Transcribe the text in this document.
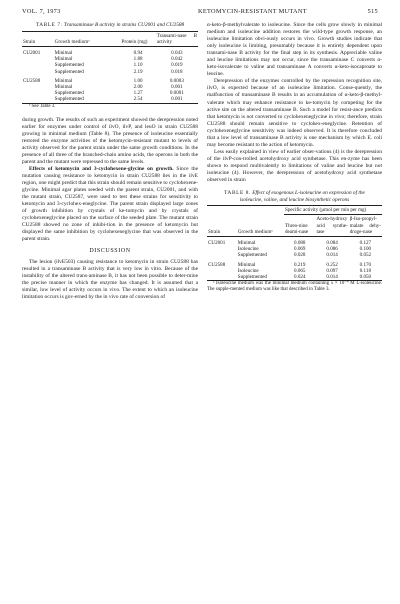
VOL. 7, 1973	KETOMYCIN-RESISTANT MUTANT	515
TABLE 7. Transaminase B activity in strains CU2001 and CU2588
Strain	Growth mediumᵃ	Protein (mg)	Transami-nase B activity
CU2001	Minimal	0.94	0.043
	Minimal	1.88	0.042
	Supplemented	1.10	0.019
	Supplemented	2.19	0.018
CU2588	Minimal	1.00	0.0003
	Minimal	2.00	0.001
	Supplemented	1.27	0.0001
	Supplemented	2.54	0.001

ᵃ See Table 3.

during growth. The results of such an experiment showed the derepression noted earlier for enzymes under control of ilvO, ilvP, and leuO in strain CU2588 growing in minimal medium (Table 8). The presence of isoleucine essentially restored the enzyme activities of the ketomycin-resistant mutant to levels of activity observed for the parent strain under the same growth conditions. In the presence of all three of the branched-chain amino acids, the operons in both the parent and the mutant were repressed to the same levels.

Effects of ketomycin and 3-cyclohexene-glycine on growth. Since the mutation causing resistance to ketomycin in strain CU2588 lies in the ilvE region, one might predict that this strain should remain sensitive to cyclohexene-glycine. Minimal agar plates seeded with the parent strain, CU2001, and with the mutant strain, CU2587, were used to test these strains for sensitivity to ketomycin and 3-cyclohex-eneglycine. The parent strain displayed large zones of growth inhibition by crystals of ke-tomycin and by crystals of cyclohexeneglycine placed on the surface of the seeded plate. The mutant strain CU2588 showed no zone of inhibi-tion in the presence of ketomycin but displayed the same inhibition by cyclohexeneglycine that was observed in the parent strain.

DISCUSSION

The lesion (ilvE503) causing resistance to ketomycin in strain CU2588 has resulted in a transaminase B activity that is very low in vitro. Because of the instability of the altered trans-aminase B, it has not been possible to deter-mine the precise manner in which the enzyme has changed. It is assumed that a similar, low level of activity occurs in vivo. The extent to which an isoleucine limitation occurs is gov-erned by the in vivo rate of conversion of

α-keto-β-methylvalerate to isoleucine. Since the cells grow slowly in minimal medium and isoleucine addition restores the wild-type growth response, an isoleucine limitation obvi-ously occurs in vivo. Growth studies indicate that only isoleucine is limiting, presumably because it is entirely dependent upon transami-nase B activity for the final step in its synthesis. Appreciable valine and leucine limitations may not occur, since the transaminase C converts α-keto-isovalerate to valine and transaminase A converts α-keto-isocaproate to leucine.

Derepression of the enzymes controlled by the repression recognition site, ilvO, is expected because of an isoleucine limitation. Conse-quently, the malfunction of transaminase B results in an accumulation of α-keto-β-methyl-valerate which may enhance resistance to ke-tomycin by competing for the active site on the altered transaminase B. Such a model for resist-ance predicts that ketomycin is not converted to cyclohexeneglycine in vivo; therefore, strain CU2588 should remain sensitive to cyclohex-eneglycine. Retention of cyclohexeneglycine sensitivity was indeed observed. It is therefore concluded that a low level of transaminase B activity is one mechanism by which E. coli may become resistant to the action of ketomycin.

Less easily explained in view of earlier obser-vations (4) is the derepression of the ilvP-con-trolled acetohydroxy acid synthetase. This en-zyme has been shown to respond multivalently to limitations of valine and leucine but not isoleucine (4). However, the derepression of acetohydroxy acid synthetase observed in strain

TABLE 8. Effect of exogenous L-isoleucine on expression of the isoleucine, valine, and leucine biosynthetic operons
Strain	Growth mediumᵃ	Specific activity (µmol per min per mg)		
		Threo-nine deami-nase	Aceto-hydroxy acid synthe-tase	β-Iso-propyl-malate dehy-droge-nase
CU2001	Minimal	0.088	0.084	0.127
	Isoleucine	0.069	0.086	0.100
	Supplemented	0.028	0.014	0.052
CU2588	Minimal	0.219	0.252	0.170
	Isoleucine	0.065	0.097	0.118
	Supplemented	0.024	0.014	0.050

ᵃ Isoleucine medium was the minimal medium containing 5 × 10⁻⁴ M L-isoleucine. The supple-mented medium was like that described in Table 3.
